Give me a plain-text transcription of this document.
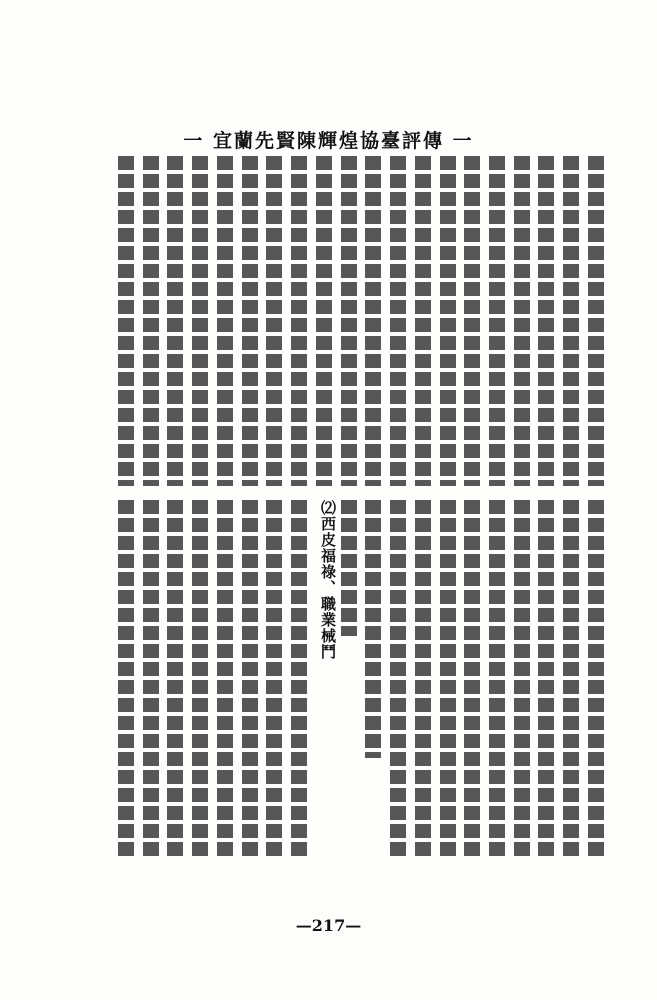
一 宜蘭先賢陳輝煌協臺評傳 一
⑵西皮福祿、職業械鬥
—217—
